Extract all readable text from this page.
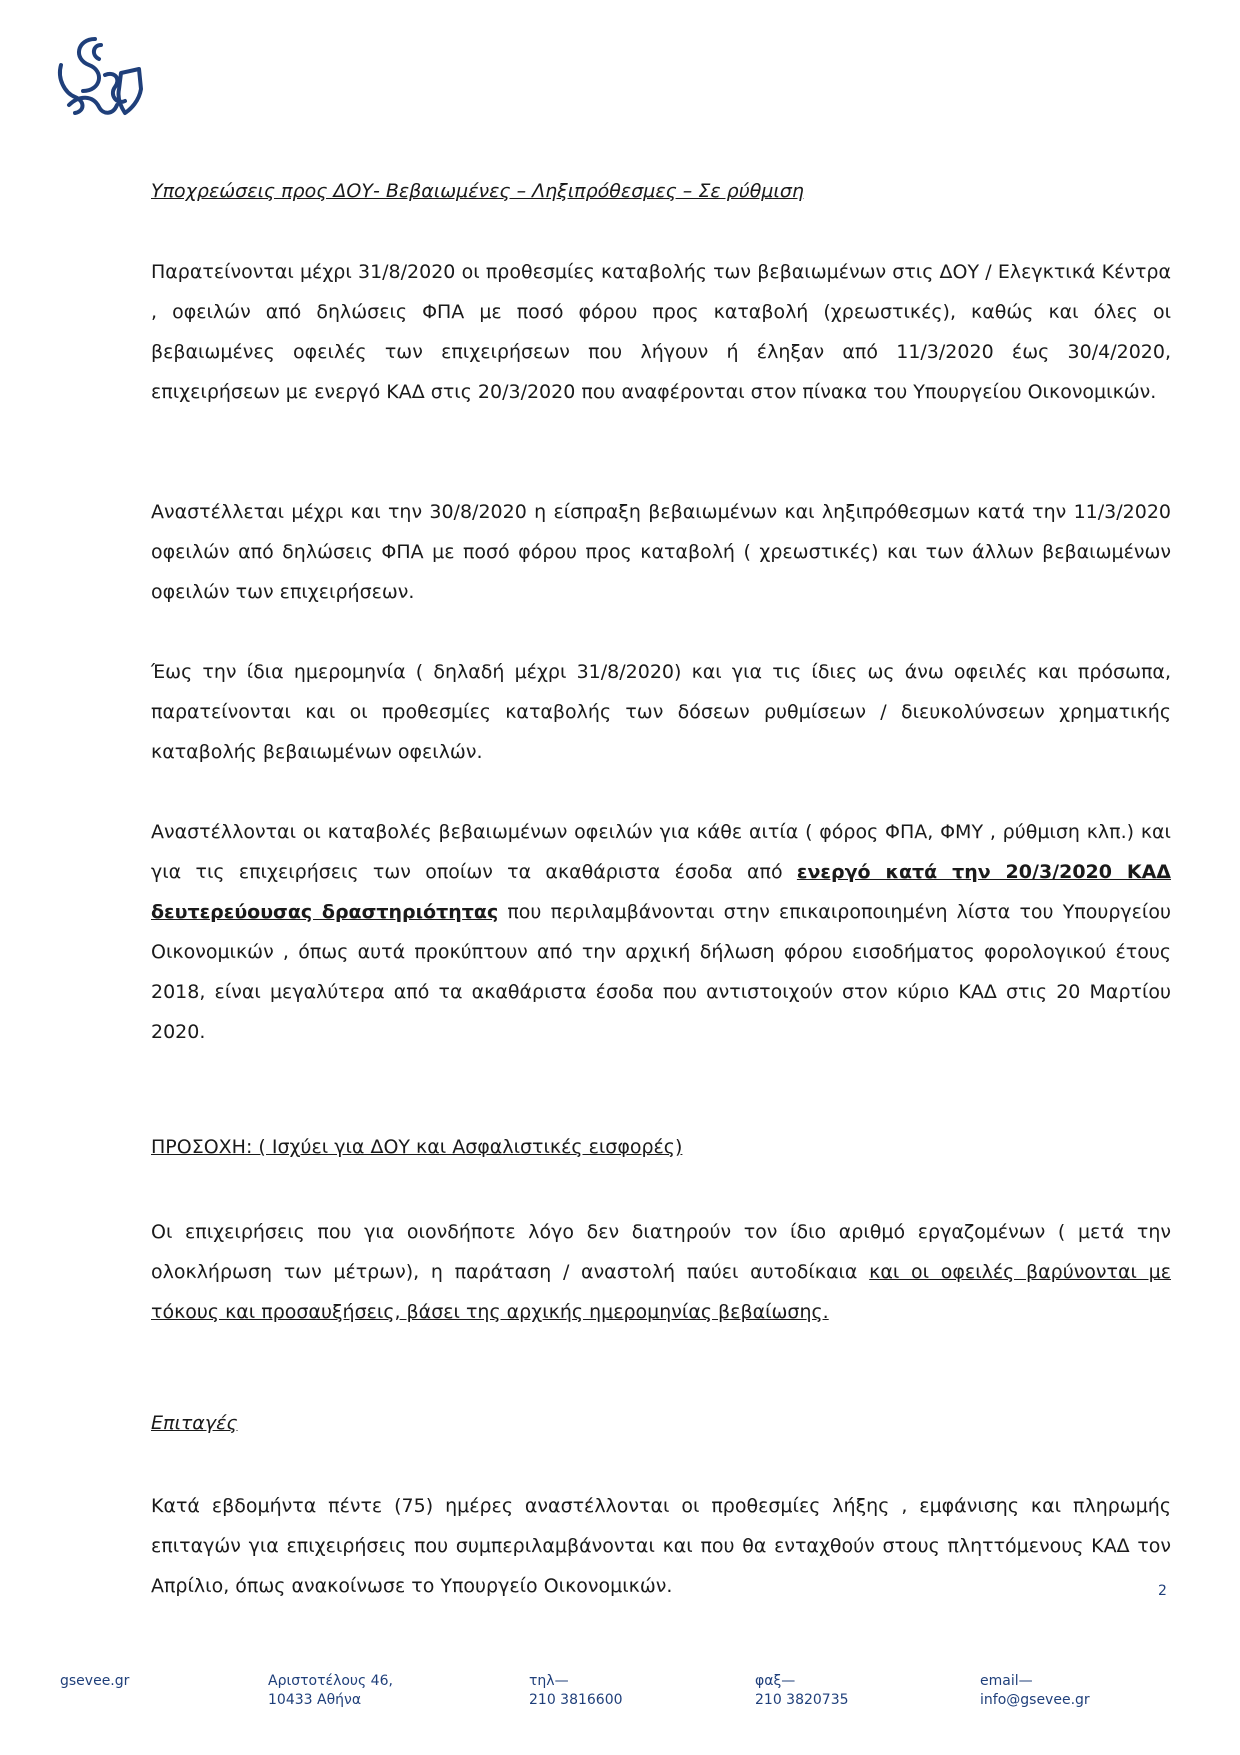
Υποχρεώσεις προς ΔΟΥ- Βεβαιωμένες – Ληξιπρόθεσμες – Σε ρύθμιση

Παρατείνονται μέχρι 31/8/2020 οι προθεσμίες καταβολής των βεβαιωμένων στις ΔΟΥ / Ελεγκτικά Κέντρα , οφειλών από δηλώσεις ΦΠΑ με ποσό φόρου προς καταβολή (χρεωστικές), καθώς και όλες οι βεβαιωμένες οφειλές των επιχειρήσεων που λήγουν ή έληξαν από 11/3/2020 έως 30/4/2020, επιχειρήσεων με ενεργό ΚΑΔ στις 20/3/2020 που αναφέρονται στον πίνακα του Υπουργείου Οικονομικών.

Αναστέλλεται μέχρι και την 30/8/2020 η είσπραξη βεβαιωμένων και ληξιπρόθεσμων κατά την 11/3/2020 οφειλών από δηλώσεις ΦΠΑ με ποσό φόρου προς καταβολή ( χρεωστικές) και των άλλων βεβαιωμένων οφειλών των επιχειρήσεων.

Έως την ίδια ημερομηνία ( δηλαδή μέχρι 31/8/2020) και για τις ίδιες ως άνω οφειλές και πρόσωπα, παρατείνονται και οι προθεσμίες καταβολής των δόσεων ρυθμίσεων / διευκολύνσεων χρηματικής καταβολής βεβαιωμένων οφειλών.

Αναστέλλονται οι καταβολές βεβαιωμένων οφειλών για κάθε αιτία ( φόρος ΦΠΑ, ΦΜΥ , ρύθμιση κλπ.) και για τις επιχειρήσεις των οποίων τα ακαθάριστα έσοδα από ενεργό κατά την 20/3/2020 ΚΑΔ δευτερεύουσας δραστηριότητας που περιλαμβάνονται στην επικαιροποιημένη λίστα του Υπουργείου Οικονομικών , όπως αυτά προκύπτουν από την αρχική δήλωση φόρου εισοδήματος φορολογικού έτους 2018, είναι μεγαλύτερα από τα ακαθάριστα έσοδα που αντιστοιχούν στον κύριο ΚΑΔ στις 20 Μαρτίου 2020.

ΠΡΟΣΟΧΗ: ( Ισχύει για ΔΟΥ και Ασφαλιστικές εισφορές)

Οι επιχειρήσεις που για οιονδήποτε λόγο δεν διατηρούν τον ίδιο αριθμό εργαζομένων ( μετά την ολοκλήρωση των μέτρων), η παράταση / αναστολή παύει αυτοδίκαια και οι οφειλές βαρύνονται με τόκους και προσαυξήσεις, βάσει της αρχικής ημερομηνίας βεβαίωσης.

Επιταγές

Κατά εβδομήντα πέντε (75) ημέρες αναστέλλονται οι προθεσμίες λήξης , εμφάνισης και πληρωμής επιταγών για επιχειρήσεις που συμπεριλαμβάνονται και που θα ενταχθούν στους πληττόμενους ΚΑΔ τον Απρίλιο, όπως ανακοίνωσε το Υπουργείο Οικονομικών.	2
gsevee.gr	Αριστοτέλους 46,
10433 Αθήνα
τηλ—
210 3816600
φαξ—
210 3820735
email—
info@gsevee.gr
